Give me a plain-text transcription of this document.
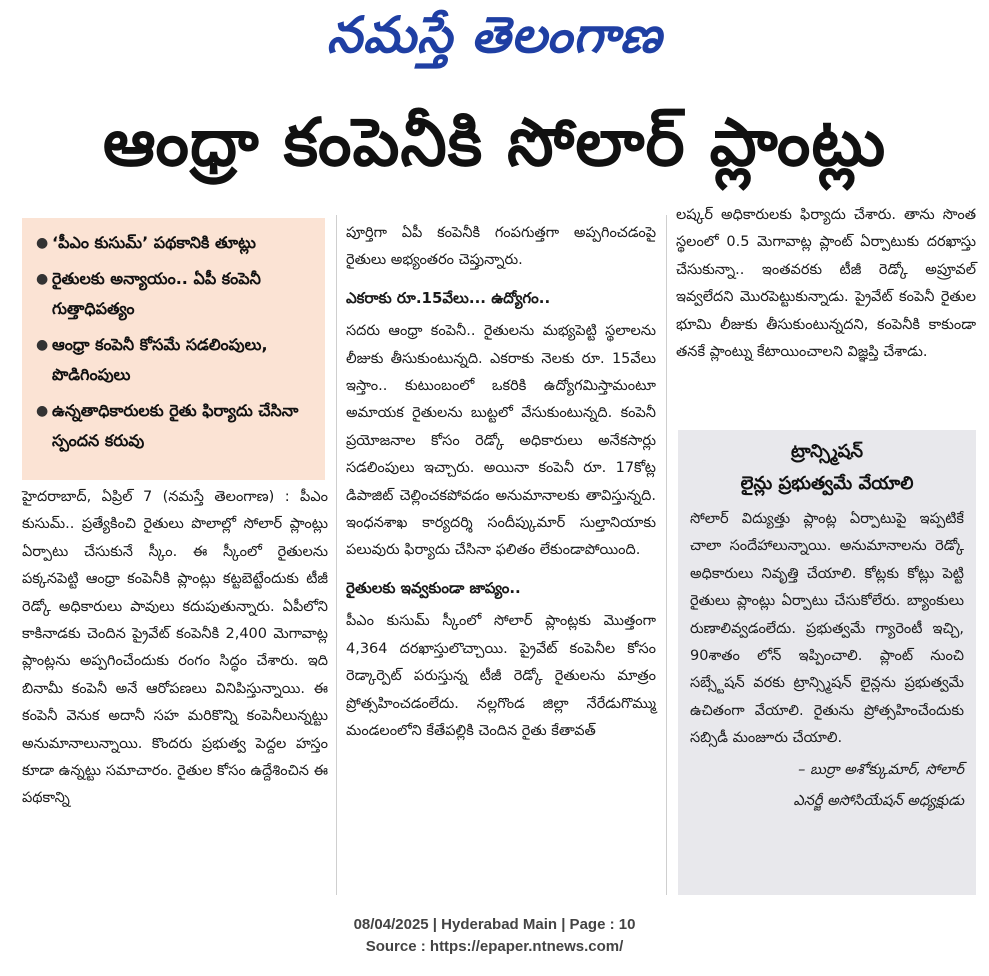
నమస్తే తెలంగాణ
ఆంధ్రా కంపెనీకి సోలార్ ప్లాంట్లు
● ‘పీఎం కుసుమ్’ పథకానికి తూట్లు
● రైతులకు అన్యాయం.. ఏపీ కంపెనీ గుత్తాధిపత్యం
● ఆంధ్రా కంపెనీ కోసమే సడలింపులు, పొడిగింపులు
● ఉన్నతాధికారులకు రైతు ఫిర్యాదు చేసినా స్పందన కరువు

హైదరాబాద్, ఏప్రిల్ 7 (నమస్తే తెలంగాణ) : పీఎం కుసుమ్.. ప్రత్యేకించి రైతులు పొలాల్లో సోలార్ ప్లాంట్లు ఏర్పాటు చేసుకునే స్కీం. ఈ స్కీంలో రైతులను పక్కనపెట్టి ఆంధ్రా కంపెనీకి ప్లాంట్లు కట్టబెట్టేందుకు టీజీ రెడ్కో అధికారులు పావులు కదుపుతున్నారు. ఏపీలోని కాకినాడకు చెందిన ప్రైవేట్ కంపెనీకి 2,400 మెగావాట్ల ప్లాంట్లను అప్పగించేందుకు రంగం సిద్ధం చేశారు. ఇది బినామీ కంపెనీ అనే ఆరోపణలు వినిపిస్తున్నాయి. ఈ కంపెనీ వెనుక అదానీ సహ మరికొన్ని కంపెనీలున్నట్టు అనుమానాలున్నాయి. కొందరు ప్రభుత్వ పెద్దల హస్తం కూడా ఉన్నట్టు సమాచారం. రైతుల కోసం ఉద్దేశించిన ఈ పథకాన్ని

పూర్తిగా ఏపీ కంపెనీకి గంపగుత్తగా అప్పగించడంపై రైతులు అభ్యంతరం చెప్తున్నారు.

ఎకరాకు రూ.15వేలు... ఉద్యోగం..

సదరు ఆంధ్రా కంపెనీ.. రైతులను మభ్యపెట్టి స్థలాలను లీజుకు తీసుకుంటున్నది. ఎకరాకు నెలకు రూ. 15వేలు ఇస్తాం.. కుటుంబంలో ఒకరికి ఉద్యోగమిస్తామంటూ అమాయక రైతులను బుట్టలో వేసుకుంటున్నది. కంపెనీ ప్రయోజనాల కోసం రెడ్కో అధికారులు అనేకసార్లు సడలింపులు ఇచ్చారు. అయినా కంపెనీ రూ. 17కోట్ల డిపాజిట్ చెల్లించకపోవడం అనుమానాలకు తావిస్తున్నది. ఇంధనశాఖ కార్యదర్శి సందీప్కుమార్ సుల్తానియాకు పలువురు ఫిర్యాదు చేసినా ఫలితం లేకుండాపోయింది.

రైతులకు ఇవ్వకుండా జాప్యం..

పీఎం కుసుమ్ స్కీంలో సోలార్ ప్లాంట్లకు మొత్తంగా 4,364 దరఖాస్తులొచ్చాయి. ప్రైవేట్ కంపెనీల కోసం రెడ్కార్పెట్ పరుస్తున్న టీజీ రెడ్కో రైతులను మాత్రం ప్రోత్సహించడంలేదు. నల్లగొండ జిల్లా నేరేడుగొమ్ము మండలంలోని కేతేపల్లికి చెందిన రైతు కేతావత్

లష్కర్ అధికారులకు ఫిర్యాదు చేశారు. తాను సొంత స్థలంలో 0.5 మెగావాట్ల ప్లాంట్ ఏర్పాటుకు దరఖాస్తు చేసుకున్నా.. ఇంతవరకు టీజీ రెడ్కో అప్రూవల్ ఇవ్వలేదని మొరపెట్టుకున్నాడు. ప్రైవేట్ కంపెనీ రైతుల భూమి లీజుకు తీసుకుంటున్నదని, కంపెనీకి కాకుండా తనకే ప్లాంట్ను కేటాయించాలని విజ్ఞప్తి చేశాడు.

ట్రాన్స్మిషన్
లైన్లు ప్రభుత్వమే వేయాలి
సోలార్ విద్యుత్తు ప్లాంట్ల ఏర్పాటుపై ఇప్పటికే చాలా సందేహాలున్నాయి. అనుమానాలను రెడ్కో అధికారులు నివృత్తి చేయాలి. కోట్లకు కోట్లు పెట్టి రైతులు ప్లాంట్లు ఏర్పాటు చేసుకోలేరు. బ్యాంకులు రుణాలివ్వడంలేదు. ప్రభుత్వమే గ్యారెంటీ ఇచ్చి, 90శాతం లోన్ ఇప్పించాలి. ప్లాంట్ నుంచి సబ్స్టేషన్ వరకు ట్రాన్స్మిషన్ లైన్లను ప్రభుత్వమే ఉచితంగా వేయాలి. రైతును ప్రోత్సహించేందుకు సబ్సిడీ మంజూరు చేయాలి.
– బుర్రా అశోక్కుమార్, సోలార్
ఎనర్జీ అసోసియేషన్ అధ్యక్షుడు
08/04/2025 | Hyderabad Main | Page : 10
Source : https://epaper.ntnews.com/
